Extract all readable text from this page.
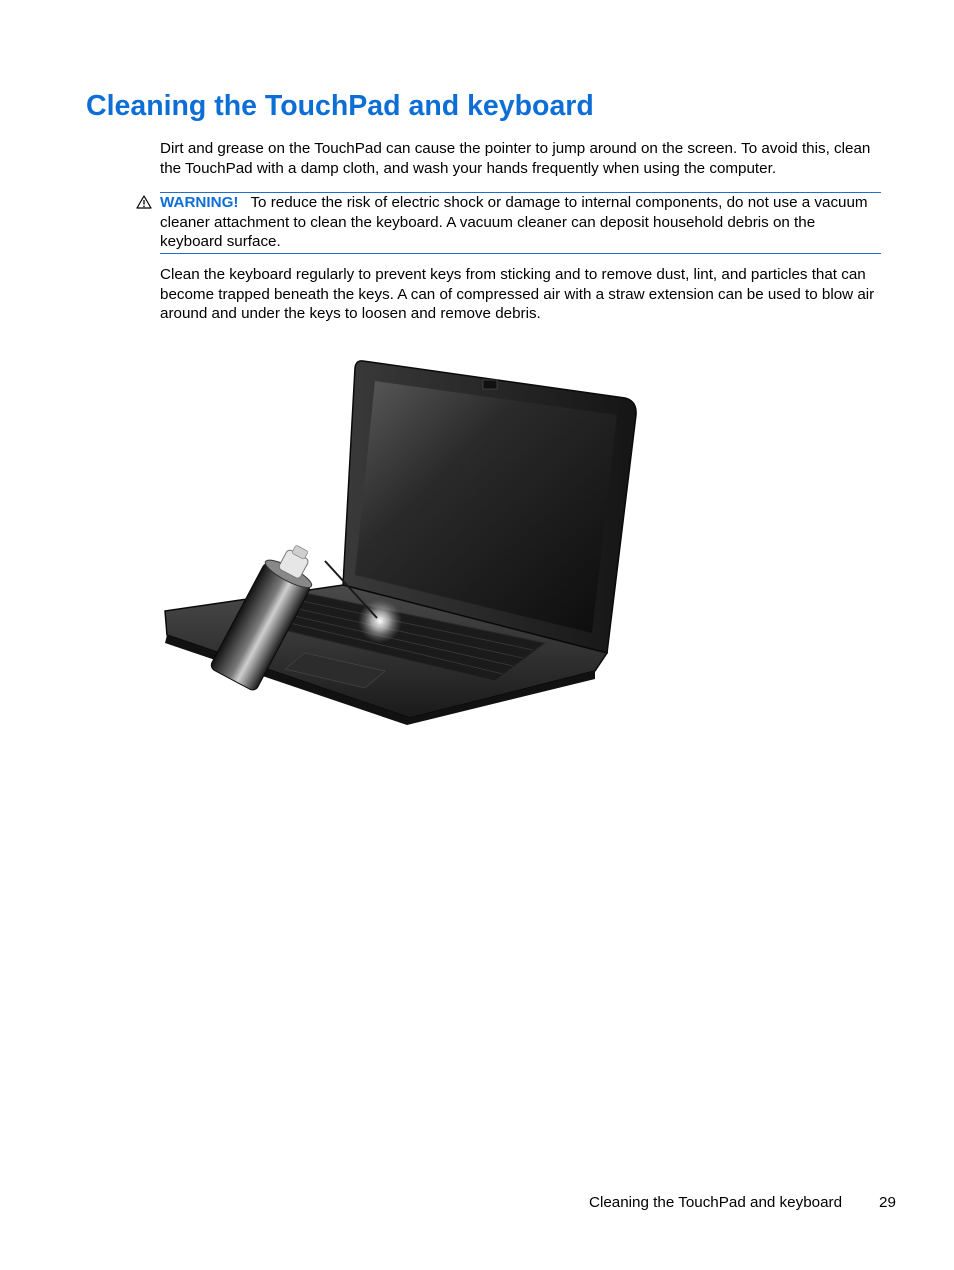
Cleaning the TouchPad and keyboard

Dirt and grease on the TouchPad can cause the pointer to jump around on the screen. To avoid this, clean the TouchPad with a damp cloth, and wash your hands frequently when using the computer.

WARNING! To reduce the risk of electric shock or damage to internal components, do not use a vacuum cleaner attachment to clean the keyboard. A vacuum cleaner can deposit household debris on the keyboard surface.

Clean the keyboard regularly to prevent keys from sticking and to remove dust, lint, and particles that can become trapped beneath the keys. A can of compressed air with a straw extension can be used to blow air around and under the keys to loosen and remove debris.

Cleaning the TouchPad and keyboard 29
